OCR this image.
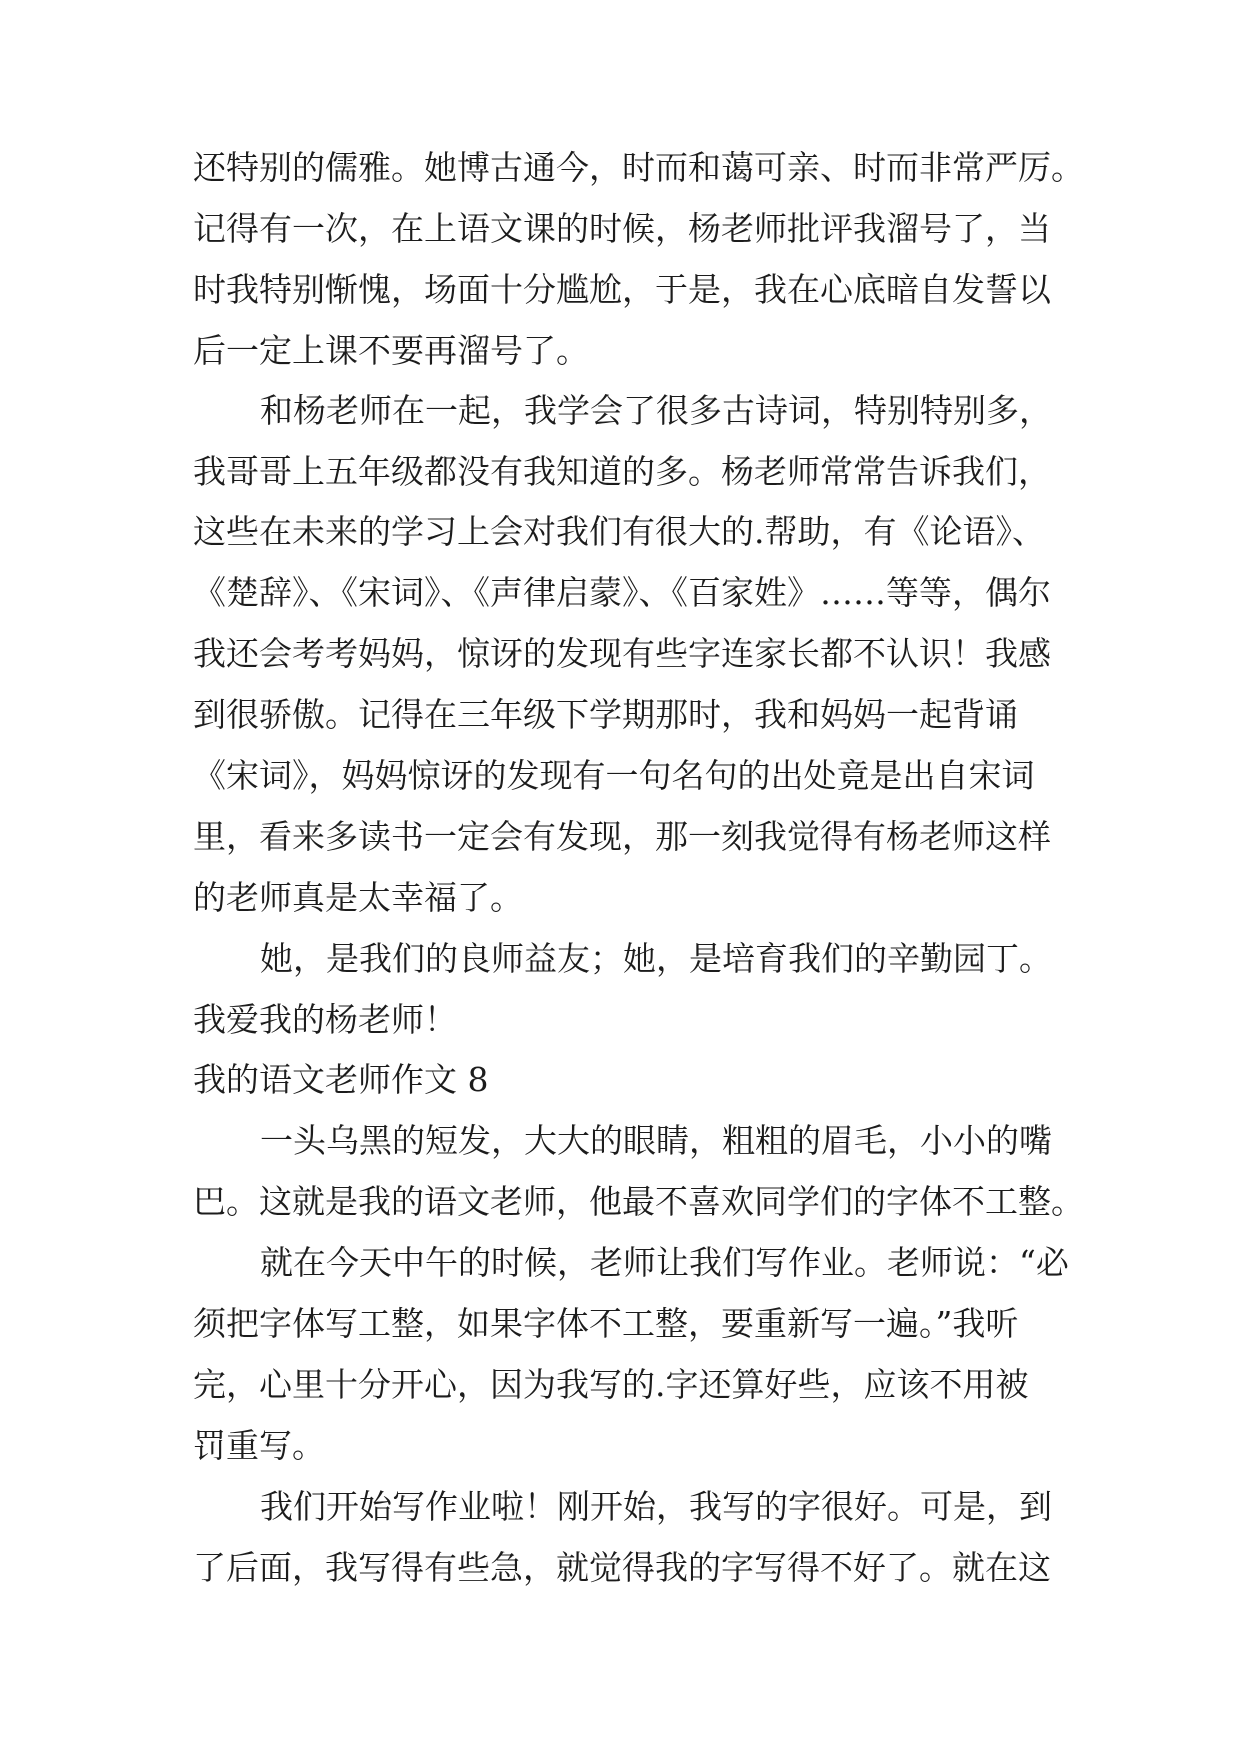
还特别的儒雅。她博古通今，时而和蔼可亲、时而非常严厉。
记得有一次，在上语文课的时候，杨老师批评我溜号了，当
时我特别惭愧，场面十分尴尬，于是，我在心底暗自发誓以
后一定上课不要再溜号了。
和杨老师在一起，我学会了很多古诗词，特别特别多，
我哥哥上五年级都没有我知道的多。杨老师常常告诉我们，
这些在未来的学习上会对我们有很大的.帮助，有《论语》、
《楚辞》、《宋词》、《声律启蒙》、《百家姓》……等等，偶尔
我还会考考妈妈，惊讶的发现有些字连家长都不认识！我感
到很骄傲。记得在三年级下学期那时，我和妈妈一起背诵
《宋词》，妈妈惊讶的发现有一句名句的出处竟是出自宋词
里，看来多读书一定会有发现，那一刻我觉得有杨老师这样
的老师真是太幸福了。
她，是我们的良师益友；她，是培育我们的辛勤园丁。
我爱我的杨老师！
我的语文老师作文 8
一头乌黑的短发，大大的眼睛，粗粗的眉毛，小小的嘴
巴。这就是我的语文老师，他最不喜欢同学们的字体不工整。
就在今天中午的时候，老师让我们写作业。老师说：“必
须把字体写工整，如果字体不工整，要重新写一遍。”我听
完，心里十分开心，因为我写的.字还算好些，应该不用被
罚重写。
我们开始写作业啦！刚开始，我写的字很好。可是，到
了后面，我写得有些急，就觉得我的字写得不好了。就在这
